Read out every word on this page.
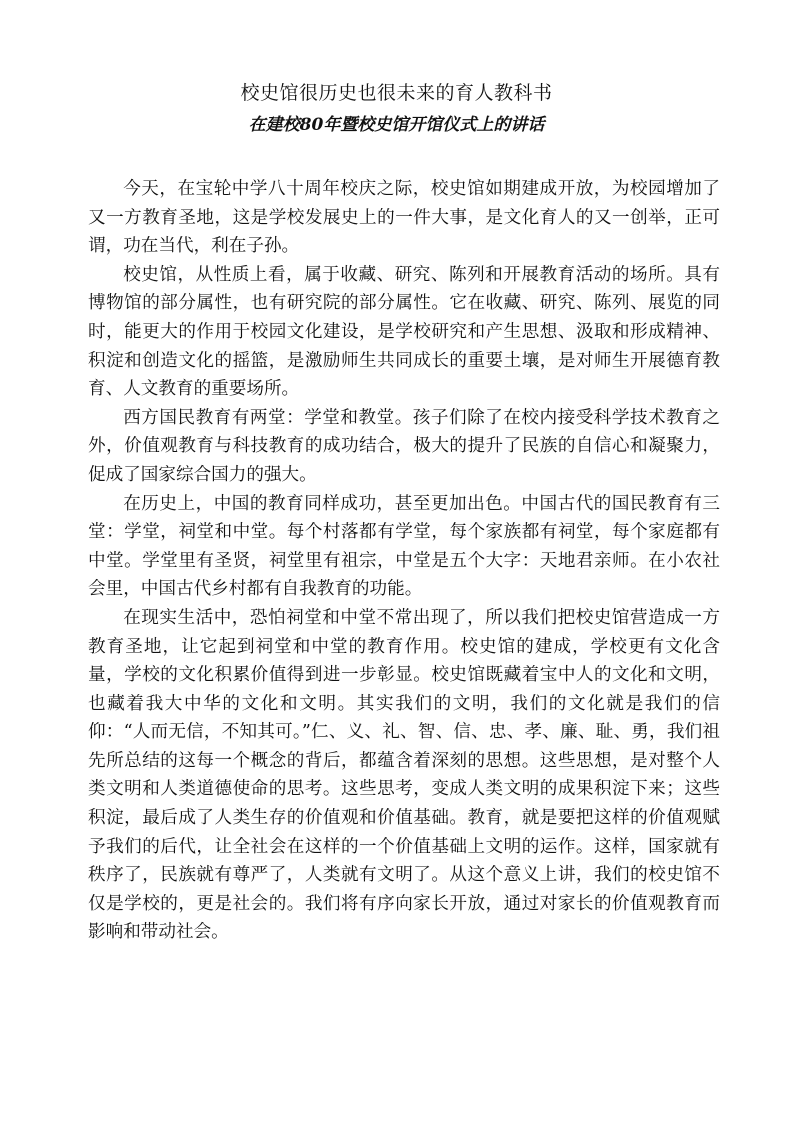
校史馆很历史也很未来的育人教科书
在建校80年暨校史馆开馆仪式上的讲话

今天，在宝轮中学八十周年校庆之际，校史馆如期建成开放，为校园增加了又一方教育圣地，这是学校发展史上的一件大事，是文化育人的又一创举，正可谓，功在当代，利在子孙。

校史馆，从性质上看，属于收藏、研究、陈列和开展教育活动的场所。具有博物馆的部分属性，也有研究院的部分属性。它在收藏、研究、陈列、展览的同时，能更大的作用于校园文化建设，是学校研究和产生思想、汲取和形成精神、积淀和创造文化的摇篮，是激励师生共同成长的重要土壤，是对师生开展德育教育、人文教育的重要场所。

西方国民教育有两堂：学堂和教堂。孩子们除了在校内接受科学技术教育之外，价值观教育与科技教育的成功结合，极大的提升了民族的自信心和凝聚力，促成了国家综合国力的强大。

在历史上，中国的教育同样成功，甚至更加出色。中国古代的国民教育有三堂：学堂，祠堂和中堂。每个村落都有学堂，每个家族都有祠堂，每个家庭都有中堂。学堂里有圣贤，祠堂里有祖宗，中堂是五个大字：天地君亲师。在小农社会里，中国古代乡村都有自我教育的功能。

在现实生活中，恐怕祠堂和中堂不常出现了，所以我们把校史馆营造成一方教育圣地，让它起到祠堂和中堂的教育作用。校史馆的建成，学校更有文化含量，学校的文化积累价值得到进一步彰显。校史馆既藏着宝中人的文化和文明，也藏着我大中华的文化和文明。其实我们的文明，我们的文化就是我们的信仰：“人而无信，不知其可。”仁、义、礼、智、信、忠、孝、廉、耻、勇，我们祖先所总结的这每一个概念的背后，都蕴含着深刻的思想。这些思想，是对整个人类文明和人类道德使命的思考。这些思考，变成人类文明的成果积淀下来；这些积淀，最后成了人类生存的价值观和价值基础。教育，就是要把这样的价值观赋予我们的后代，让全社会在这样的一个价值基础上文明的运作。这样，国家就有秩序了，民族就有尊严了，人类就有文明了。从这个意义上讲，我们的校史馆不仅是学校的，更是社会的。我们将有序向家长开放，通过对家长的价值观教育而影响和带动社会。
